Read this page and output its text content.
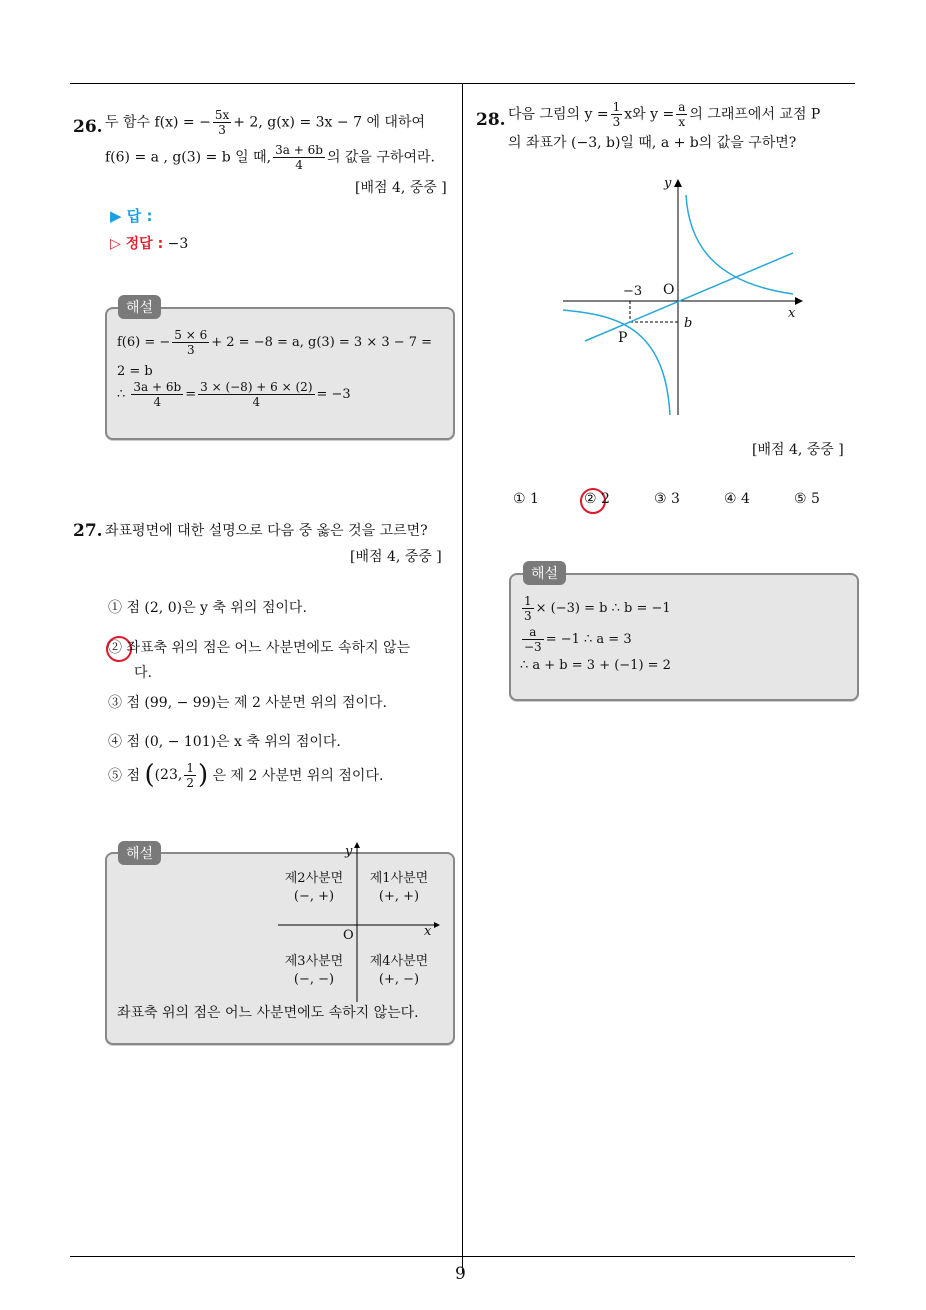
9
26. 두 함수 f(x) = − $\frac{5x}{3} + 2$, g(x) = 3x − 7 에 대하여
f(6) = a , g(3) = b 일 때, $\frac{3a + 6b}{4}$ 의 값을 구하여라.
[배점 4, 중중 ]
▶ 답 :
▷ 정답 : −3
해설
f(6) = − $\frac{5 \times 6}{3} + 2 = -8 = a$, g(3) = 3 × 3 − 7 =
2 = b
∴ $\frac{3a + 6b}{4} = \frac{3 \times (-8) + 6 \times (2)}{4} = -3$
27. 좌표평면에 대한 설명으로 다음 중 옳은 것을 고르면?
[배점 4, 중중 ]
① 점 (2, 0)은 y 축 위의 점이다.
② 좌표축 위의 점은 어느 사분면에도 속하지 않는
다.
③ 점 (99, − 99)는 제 2 사분면 위의 점이다.
④ 점 (0, − 101)은 x 축 위의 점이다.
⑤ 점 ((23, $\frac{1}{2}$ ) 은 제 2 사분면 위의 점이다.
해설	y
x
O
제2사분면
(−, +)
제1사분면
(+, +)
제3사분면
(−, −)
제4사분면
(+, −)
좌표축 위의 점은 어느 사분면에도 속하지 않는다.
28. 다음 그림의 $y = \frac{1}{3}$ x와 $y = \frac{a}{x}$ 의 그래프에서 교점 P
의 좌표가 (−3, b)일 때, a + b의 값을 구하면?
y
x
O
−3
b
P
[배점 4, 중중 ]
① 1	② 2	③ 3	④ 4	⑤ 5
해설
$\frac{1}{3} \times (-3) = b$ ∴ b = −1
$\frac{a}{-3} = -1$ ∴ a = 3
∴ a + b = 3 + (−1) = 2
